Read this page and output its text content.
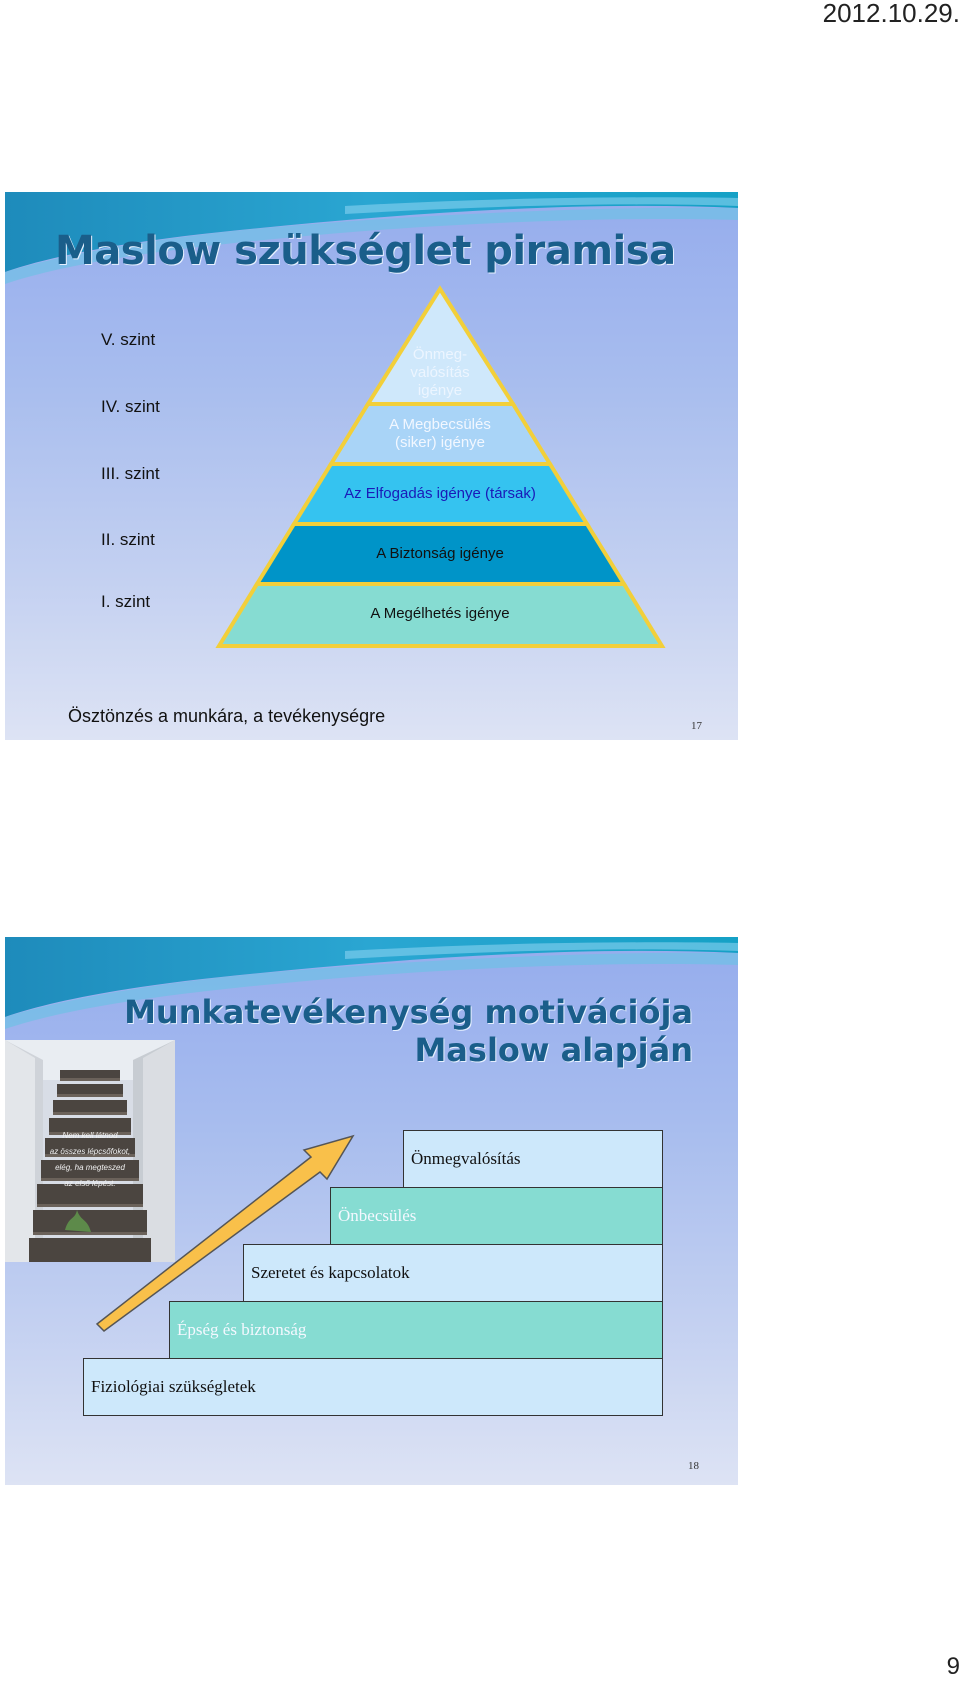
2012.10.29.
Maslow szükséglet piramisa
V. szint
IV. szint
III. szint
II. szint
I. szint
Önmeg-
valósítás
igénye
A Megbecsülés
(siker) igénye
Az Elfogadás igénye (társak)
A Biztonság igénye
A Megélhetés igénye
Ösztönzés a munkára, a tevékenységre	17
Munkatevékenység motivációja
Maslow alapján
Nem kell látnod
az összes lépcsőfokot,
elég, ha megteszed
az első lépést.
Önmegvalósítás
Önbecsülés
Szeretet és kapcsolatok
Épség és biztonság
Fiziológiai szükségletek
18
9
